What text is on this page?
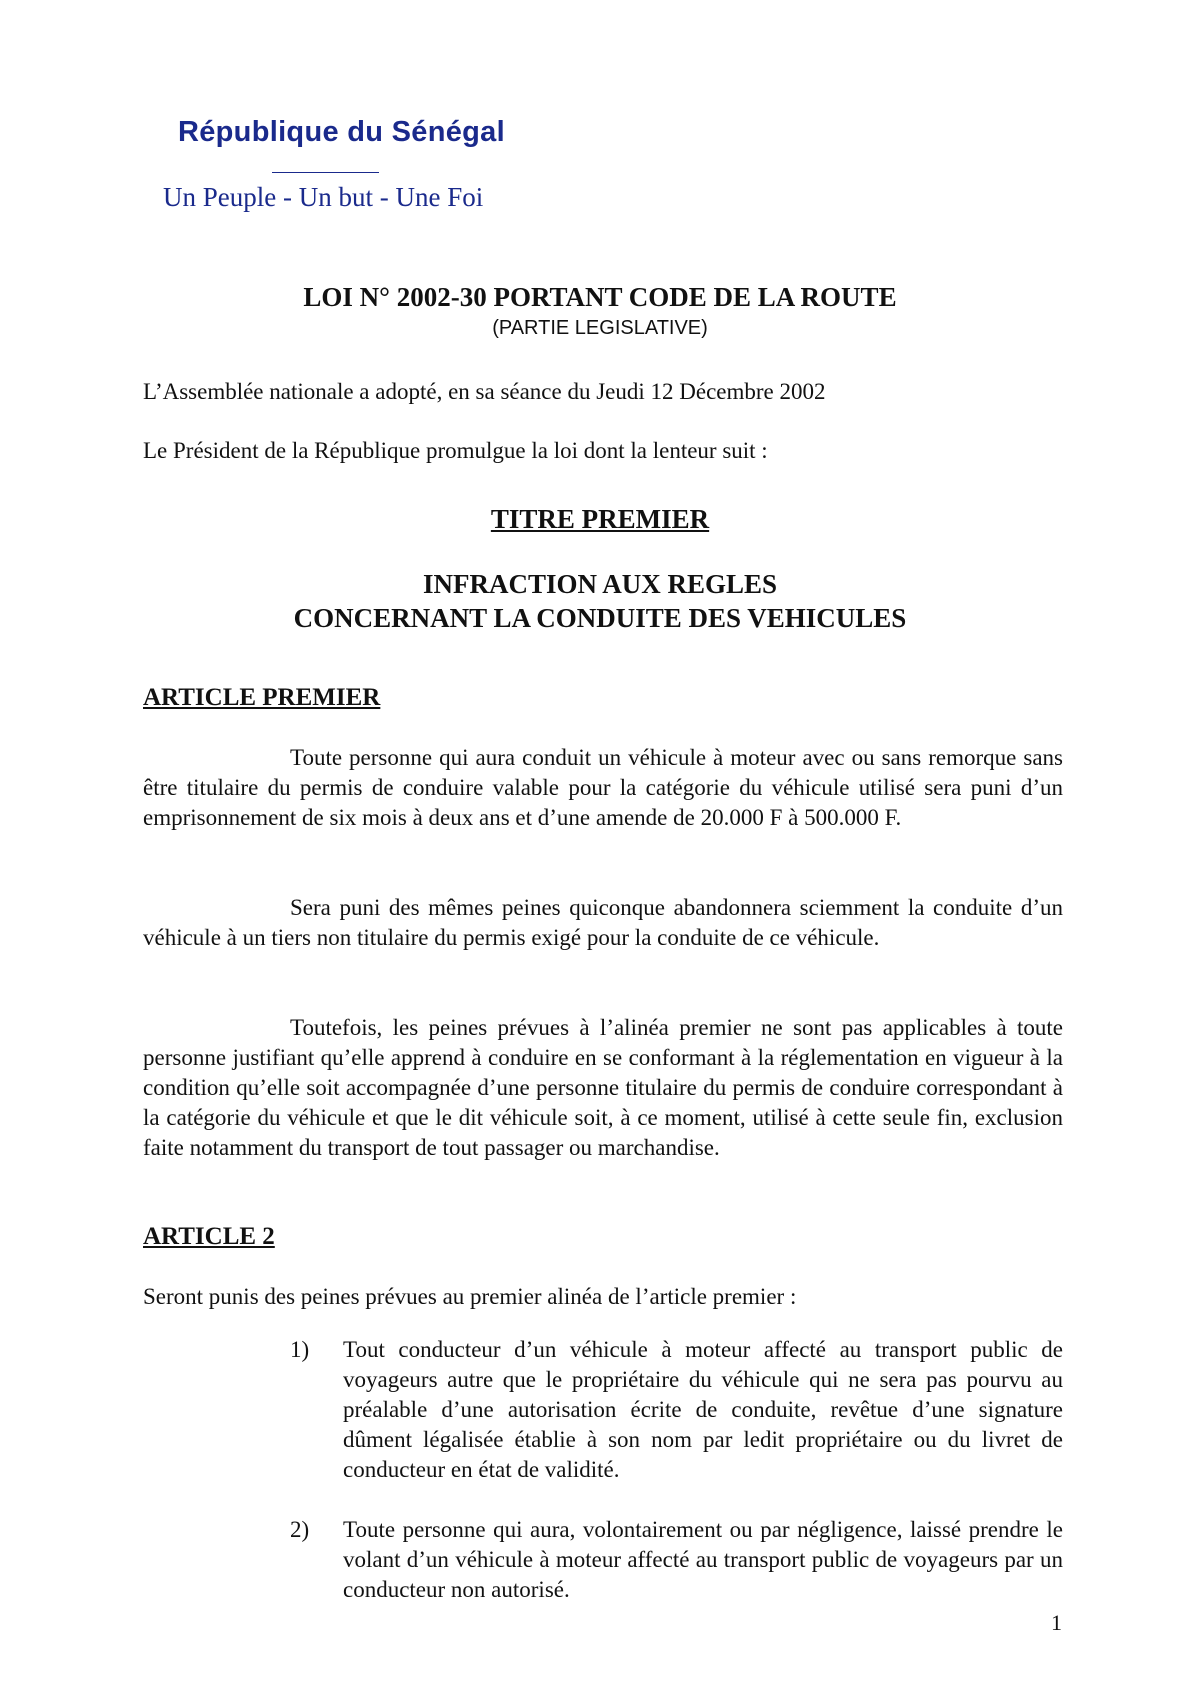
République du Sénégal

Un Peuple - Un but - Une Foi

LOI N° 2002-30 PORTANT CODE DE LA ROUTE

(PARTIE LEGISLATIVE)

L’Assemblée nationale a adopté, en sa séance du Jeudi 12 Décembre 2002

Le Président de la République promulgue la loi dont la lenteur suit :

TITRE PREMIER

INFRACTION AUX REGLES

CONCERNANT LA CONDUITE DES VEHICULES

ARTICLE PREMIER

Toute personne qui aura conduit un véhicule à moteur avec ou sans remorque sans être titulaire du permis de conduire valable pour la catégorie du véhicule utilisé sera puni d’un emprisonnement de six mois à deux ans et d’une amende de 20.000 F à 500.000 F.

Sera puni des mêmes peines quiconque abandonnera sciemment la conduite d’un véhicule à un tiers non titulaire du permis exigé pour la conduite de ce véhicule.

Toutefois, les peines prévues à l’alinéa premier ne sont pas applicables à toute personne justifiant qu’elle apprend à conduire en se conformant à la réglementation en vigueur à la condition qu’elle soit accompagnée d’une personne titulaire du permis de conduire correspondant à la catégorie du véhicule et que le dit véhicule soit, à ce moment, utilisé à cette seule fin, exclusion faite notamment du transport de tout passager ou marchandise.

ARTICLE 2

Seront punis des peines prévues au premier alinéa de l’article premier :

1) Tout conducteur d’un véhicule à moteur affecté au transport public de voyageurs autre que le propriétaire du véhicule qui ne sera pas pourvu au préalable d’une autorisation écrite de conduite, revêtue d’une signature dûment légalisée établie à son nom par ledit propriétaire ou du livret de conducteur en état de validité.

2) Toute personne qui aura, volontairement ou par négligence, laissé prendre le volant d’un véhicule à moteur affecté au transport public de voyageurs par un conducteur non autorisé.

1
